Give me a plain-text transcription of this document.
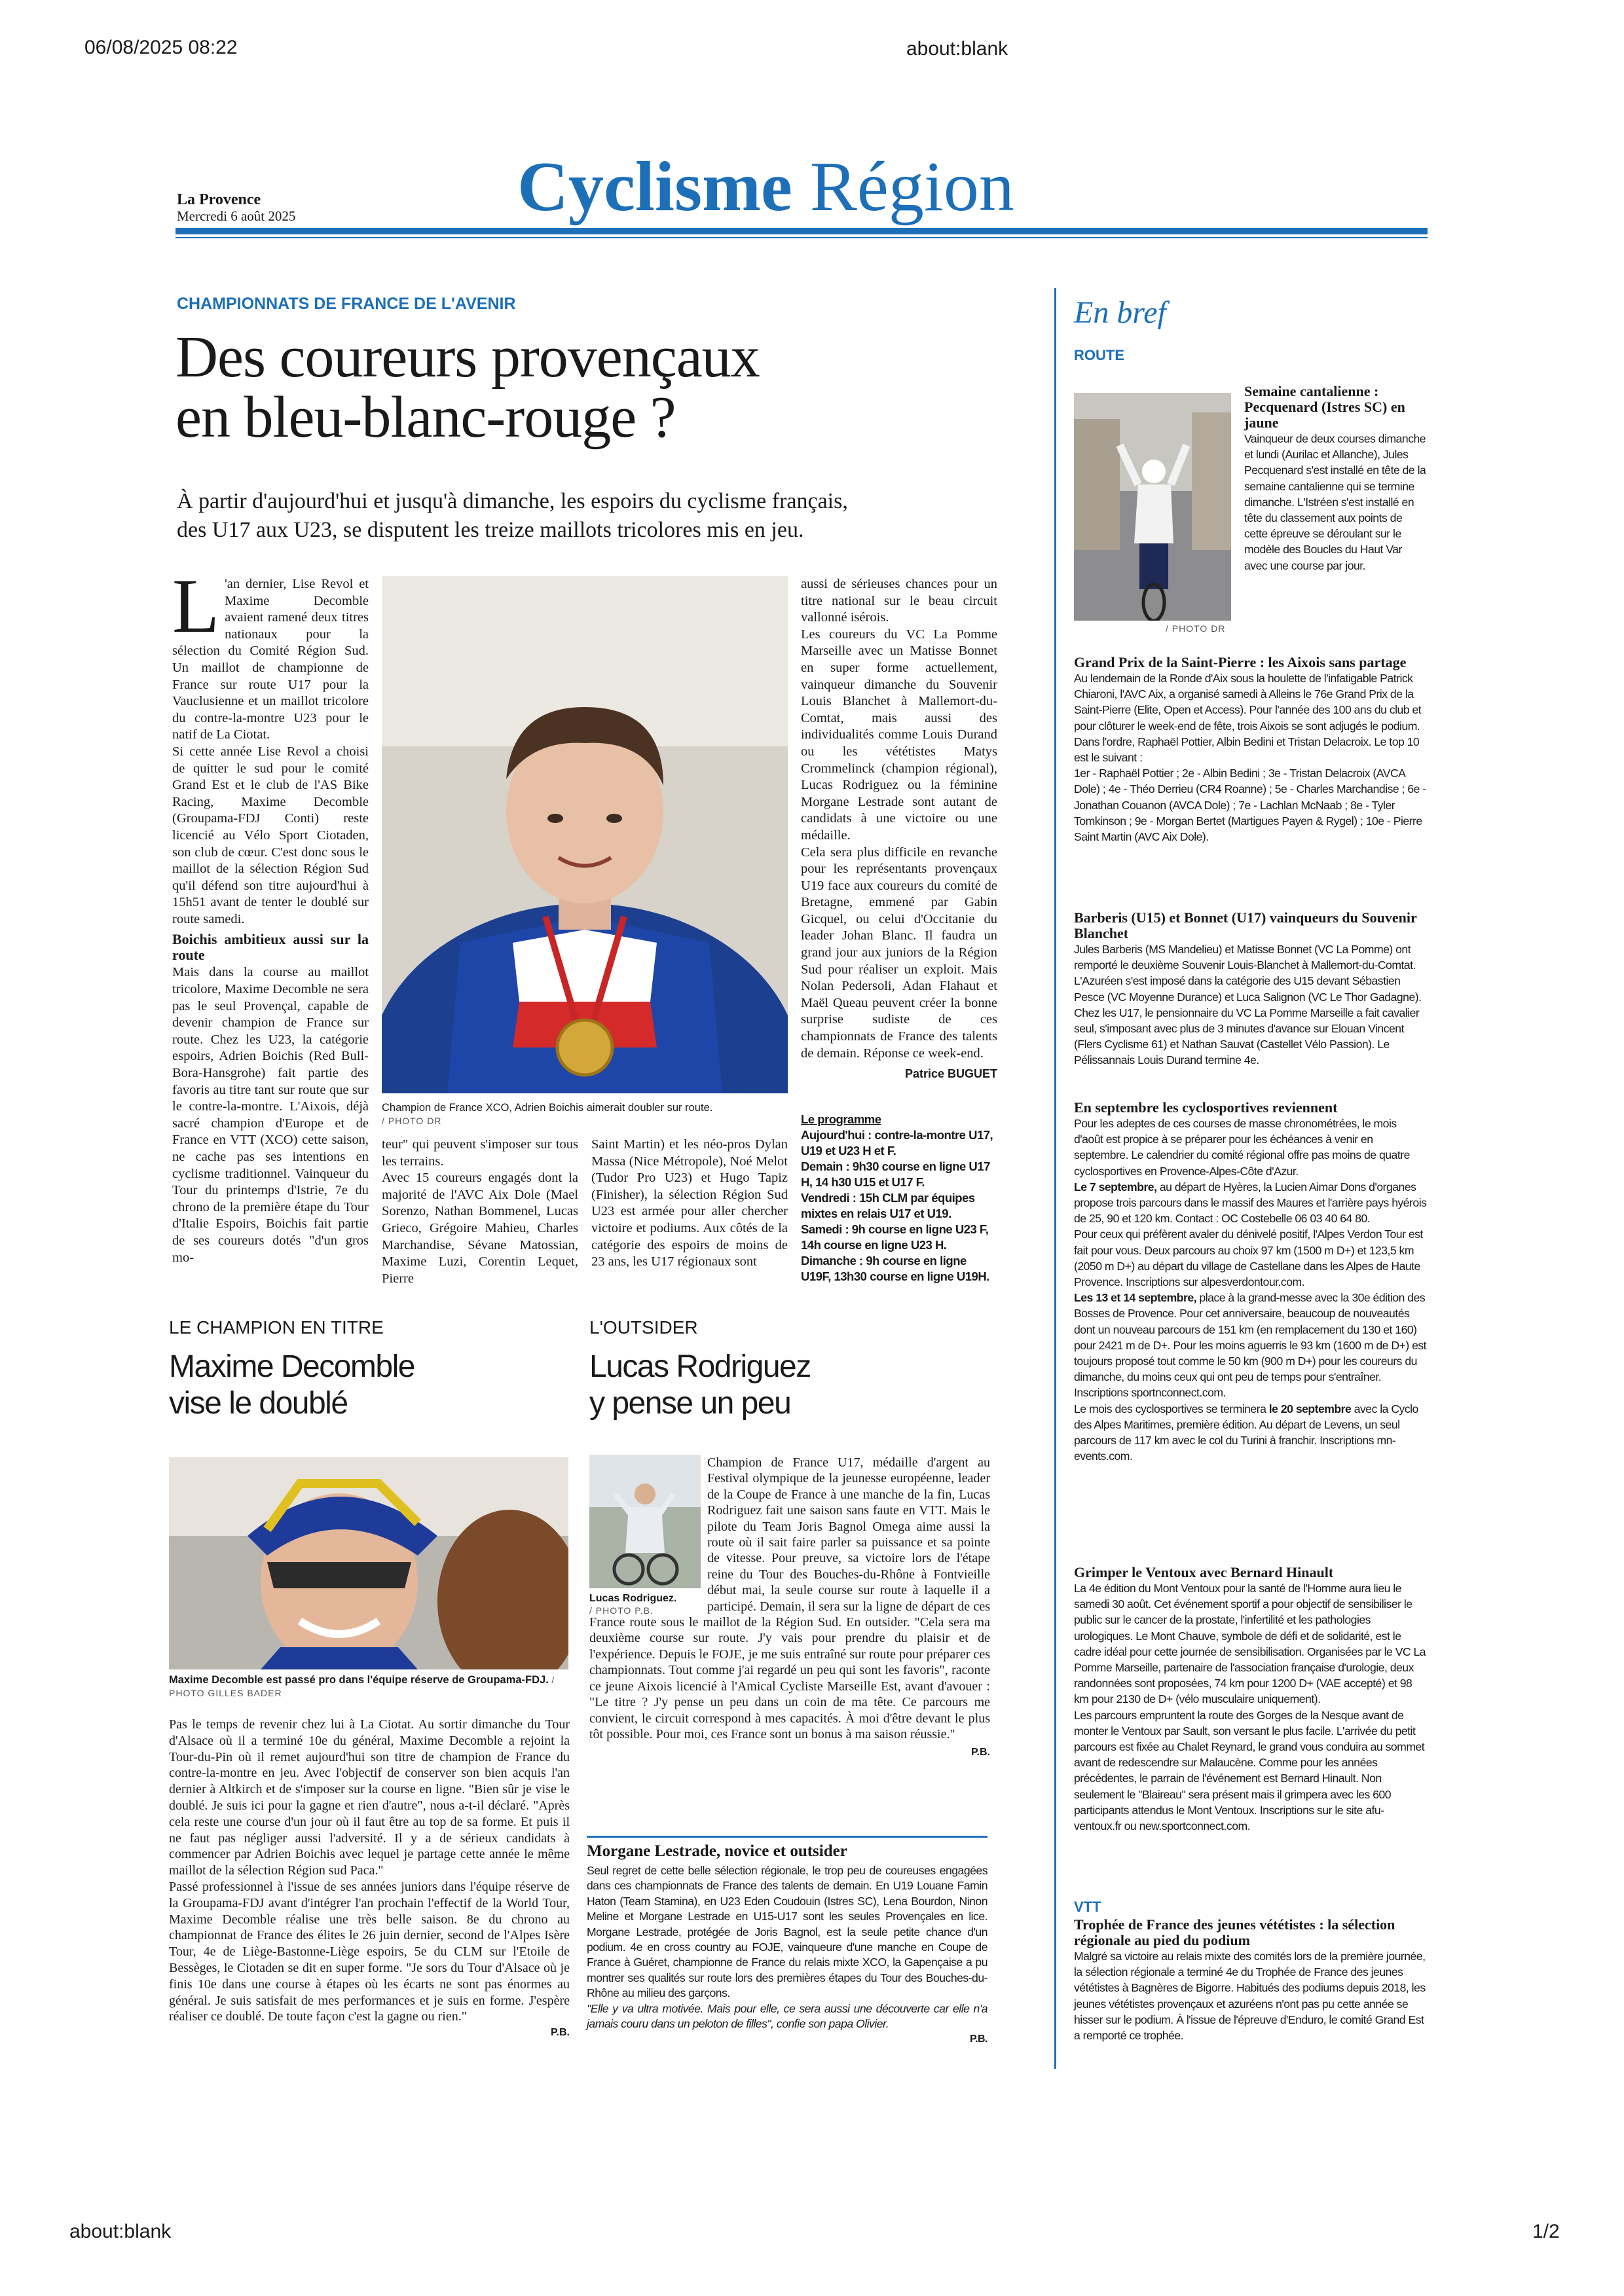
06/08/2025 08:22	about:blank
about:blank	1/2
La Provence
Mercredi 6 août 2025	Cyclisme Région
CHAMPIONNATS DE FRANCE DE L'AVENIR
Des coureurs provençaux
en bleu-blanc-rouge ?
À partir d'aujourd'hui et jusqu'à dimanche, les espoirs du cyclisme français,
des U17 aux U23, se disputent les treize maillots tricolores mis en jeu.
L 'an dernier, Lise Revol et Maxime Decomble avaient ramené deux titres nationaux pour la sélection du Comité Région Sud. Un maillot de championne de France sur route U17 pour la Vauclusienne et un maillot tricolore du contre-la-montre U23 pour le natif de La Ciotat.

Si cette année Lise Revol a choisi de quitter le sud pour le comité Grand Est et le club de l'AS Bike Racing, Maxime Decomble (Groupama-FDJ Conti) reste licencié au Vélo Sport Ciotaden, son club de cœur. C'est donc sous le maillot de la sélection Région Sud qu'il défend son titre aujourd'hui à 15h51 avant de tenter le doublé sur route samedi.

Boichis ambitieux aussi sur la route

Mais dans la course au maillot tricolore, Maxime Decomble ne sera pas le seul Provençal, capable de devenir champion de France sur route. Chez les U23, la catégorie espoirs, Adrien Boichis (Red Bull- Bora-Hansgrohe) fait partie des favoris au titre tant sur route que sur le contre-la-montre. L'Aixois, déjà sacré champion d'Europe et de France en VTT (XCO) cette saison, ne cache pas ses intentions en cyclisme traditionnel. Vainqueur du Tour du printemps d'Istrie, 7e du chrono de la première étape du Tour d'Italie Espoirs, Boichis fait partie de ses coureurs dotés "d'un gros mo-

Champion de France XCO, Adrien Boichis aimerait doubler sur route.
/ PHOTO DR

teur" qui peuvent s'imposer sur tous les terrains.

Avec 15 coureurs engagés dont la majorité de l'AVC Aix Dole (Mael Sorenzo, Nathan Bommenel, Lucas Grieco, Grégoire Mahieu, Charles Marchandise, Sévane Matossian, Maxime Luzi, Corentin Lequet, Pierre

Saint Martin) et les néo-pros Dylan Massa (Nice Métropole), Noé Melot (Tudor Pro U23) et Hugo Tapiz (Finisher), la sélection Région Sud U23 est armée pour aller chercher victoire et podiums. Aux côtés de la catégorie des espoirs de moins de 23 ans, les U17 régionaux sont

aussi de sérieuses chances pour un titre national sur le beau circuit vallonné isérois.

Les coureurs du VC La Pomme Marseille avec un Matisse Bonnet en super forme actuellement, vainqueur dimanche du Souvenir Louis Blanchet à Mallemort-du-Comtat, mais aussi des individualités comme Louis Durand ou les vététistes Matys Crommelinck (champion régional), Lucas Rodriguez ou la féminine Morgane Lestrade sont autant de candidats à une victoire ou une médaille.

Cela sera plus difficile en revanche pour les représentants provençaux U19 face aux coureurs du comité de Bretagne, emmené par Gabin Gicquel, ou celui d'Occitanie du leader Johan Blanc. Il faudra un grand jour aux juniors de la Région Sud pour réaliser un exploit. Mais Nolan Pedersoli, Adan Flahaut et Maël Queau peuvent créer la bonne surprise sudiste de ces championnats de France des talents de demain. Réponse ce week-end.

Patrice BUGUET
Le programme
Aujourd'hui : contre-la-montre U17, U19 et U23 H et F.
Demain : 9h30 course en ligne U17 H, 14 h30 U15 et U17 F.
Vendredi : 15h CLM par équipes mixtes en relais U17 et U19.
Samedi : 9h course en ligne U23 F, 14h course en ligne U23 H.
Dimanche : 9h course en ligne U19F, 13h30 course en ligne U19H.
LE CHAMPION EN TITRE
Maxime Decomble
vise le doublé
Maxime Decomble est passé pro dans l'équipe réserve de Groupama-FDJ. / PHOTO GILLES BADER

Pas le temps de revenir chez lui à La Ciotat. Au sortir dimanche du Tour d'Alsace où il a terminé 10e du général, Maxime Decomble a rejoint la Tour-du-Pin où il remet aujourd'hui son titre de champion de France du contre-la-montre en jeu. Avec l'objectif de conserver son bien acquis l'an dernier à Altkirch et de s'imposer sur la course en ligne. "Bien sûr je vise le doublé. Je suis ici pour la gagne et rien d'autre", nous a-t-il déclaré. "Après cela reste une course d'un jour où il faut être au top de sa forme. Et puis il ne faut pas négliger aussi l'adversité. Il y a de sérieux candidats à commencer par Adrien Boichis avec lequel je partage cette année le même maillot de la sélection Région sud Paca."

Passé professionnel à l'issue de ses années juniors dans l'équipe réserve de la Groupama-FDJ avant d'intégrer l'an prochain l'effectif de la World Tour, Maxime Decomble réalise une très belle saison. 8e du chrono au championnat de France des élites le 26 juin dernier, second de l'Alpes Isère Tour, 4e de Liège-Bastonne-Liège espoirs, 5e du CLM sur l'Etoile de Bessèges, le Ciotaden se dit en super forme. "Je sors du Tour d'Alsace où je finis 10e dans une course à étapes où les écarts ne sont pas énormes au général. Je suis satisfait de mes performances et je suis en forme. J'espère réaliser ce doublé. De toute façon c'est la gagne ou rien."

P.B.
L'OUTSIDER
Lucas Rodriguez
y pense un peu
Lucas Rodriguez.
/ PHOTO P.B.

Champion de France U17, médaille d'argent au Festival olympique de la jeunesse européenne, leader de la Coupe de France à une manche de la fin, Lucas Rodriguez fait une saison sans faute en VTT. Mais le pilote du Team Joris Bagnol Omega aime aussi la route où il sait faire parler sa puissance et sa pointe de vitesse. Pour preuve, sa victoire lors de l'étape reine du Tour des Bouches-du-Rhône à Fontvieille début mai, la seule course sur route à laquelle il a participé. Demain, il sera sur la ligne de départ de ces France route sous le maillot de la Région Sud. En outsider. "Cela sera ma deuxième course sur route. J'y vais pour prendre du plaisir et de l'expérience. Depuis le FOJE, je me suis entraîné sur route pour préparer ces championnats. Tout comme j'ai regardé un peu qui sont les favoris", raconte ce jeune Aixois licencié à l'Amical Cycliste Marseille Est, avant d'avouer : "Le titre ? J'y pense un peu dans un coin de ma tête. Ce parcours me convient, le circuit correspond à mes capacités. À moi d'être devant le plus tôt possible. Pour moi, ces France sont un bonus à ma saison réussie."

P.B.
Morgane Lestrade, novice et outsider

Seul regret de cette belle sélection régionale, le trop peu de coureuses engagées dans ces championnats de France des talents de demain. En U19 Louane Famin Haton (Team Stamina), en U23 Eden Coudouin (Istres SC), Lena Bourdon, Ninon Meline et Morgane Lestrade en U15-U17 sont les seules Provençales en lice. Morgane Lestrade, protégée de Joris Bagnol, est la seule petite chance d'un podium. 4e en cross country au FOJE, vainqueure d'une manche en Coupe de France à Guéret, championne de France du relais mixte XCO, la Gapençaise a pu montrer ses qualités sur route lors des premières étapes du Tour des Bouches-du-Rhône au milieu des garçons.

"Elle y va ultra motivée. Mais pour elle, ce sera aussi une découverte car elle n'a jamais couru dans un peloton de filles", confie son papa Olivier.

P.B.
En bref
ROUTE
/ PHOTO DR
Semaine cantalienne : Pecquenard (Istres SC) en jaune

Vainqueur de deux courses dimanche et lundi (Aurilac et Allanche), Jules Pecquenard s'est installé en tête de la semaine cantalienne qui se termine dimanche. L'Istréen s'est installé en tête du classement aux points de cette épreuve se déroulant sur le modèle des Boucles du Haut Var avec une course par jour.

Grand Prix de la Saint-Pierre : les Aixois sans partage

Au lendemain de la Ronde d'Aix sous la houlette de l'infatigable Patrick Chiaroni, l'AVC Aix, a organisé samedi à Alleins le 76e Grand Prix de la Saint-Pierre (Elite, Open et Access). Pour l'année des 100 ans du club et pour clôturer le week-end de fête, trois Aixois se sont adjugés le podium. Dans l'ordre, Raphaël Pottier, Albin Bedini et Tristan Delacroix. Le top 10 est le suivant :

1er - Raphaël Pottier ; 2e - Albin Bedini ; 3e - Tristan Delacroix (AVCA Dole) ; 4e - Théo Derrieu (CR4 Roanne) ; 5e - Charles Marchandise ; 6e - Jonathan Couanon (AVCA Dole) ; 7e - Lachlan McNaab ; 8e - Tyler Tomkinson ; 9e - Morgan Bertet (Martigues Payen & Rygel) ; 10e - Pierre Saint Martin (AVC Aix Dole).

Barberis (U15) et Bonnet (U17) vainqueurs du Souvenir Blanchet

Jules Barberis (MS Mandelieu) et Matisse Bonnet (VC La Pomme) ont remporté le deuxième Souvenir Louis-Blanchet à Mallemort-du-Comtat. L'Azuréen s'est imposé dans la catégorie des U15 devant Sébastien Pesce (VC Moyenne Durance) et Luca Salignon (VC Le Thor Gadagne). Chez les U17, le pensionnaire du VC La Pomme Marseille a fait cavalier seul, s'imposant avec plus de 3 minutes d'avance sur Elouan Vincent (Flers Cyclisme 61) et Nathan Sauvat (Castellet Vélo Passion). Le Pélissannais Louis Durand termine 4e.

En septembre les cyclosportives reviennent

Pour les adeptes de ces courses de masse chronométrées, le mois d'août est propice à se préparer pour les échéances à venir en septembre. Le calendrier du comité régional offre pas moins de quatre cyclosportives en Provence-Alpes-Côte d'Azur.

Le 7 septembre, au départ de Hyères, la Lucien Aimar Dons d'organes propose trois parcours dans le massif des Maures et l'arrière pays hyérois de 25, 90 et 120 km. Contact : OC Costebelle 06 03 40 64 80.

Pour ceux qui préfèrent avaler du dénivelé positif, l'Alpes Verdon Tour est fait pour vous. Deux parcours au choix 97 km (1500 m D+) et 123,5 km (2050 m D+) au départ du village de Castellane dans les Alpes de Haute Provence. Inscriptions sur alpesverdontour.com.

Les 13 et 14 septembre, place à la grand-messe avec la 30e édition des Bosses de Provence. Pour cet anniversaire, beaucoup de nouveautés dont un nouveau parcours de 151 km (en remplacement du 130 et 160) pour 2421 m de D+. Pour les moins aguerris le 93 km (1600 m de D+) est toujours proposé tout comme le 50 km (900 m D+) pour les coureurs du dimanche, du moins ceux qui ont peu de temps pour s'entraîner. Inscriptions sportnconnect.com.

Le mois des cyclosportives se terminera le 20 septembre avec la Cyclo des Alpes Maritimes, première édition. Au départ de Levens, un seul parcours de 117 km avec le col du Turini à franchir. Inscriptions mn-events.com.

Grimper le Ventoux avec Bernard Hinault

La 4e édition du Mont Ventoux pour la santé de l'Homme aura lieu le samedi 30 août. Cet événement sportif a pour objectif de sensibiliser le public sur le cancer de la prostate, l'infertilité et les pathologies urologiques. Le Mont Chauve, symbole de défi et de solidarité, est le cadre idéal pour cette journée de sensibilisation. Organisées par le VC La Pomme Marseille, partenaire de l'association française d'urologie, deux randonnées sont proposées, 74 km pour 1200 D+ (VAE accepté) et 98 km pour 2130 de D+ (vélo musculaire uniquement).

Les parcours empruntent la route des Gorges de la Nesque avant de monter le Ventoux par Sault, son versant le plus facile. L'arrivée du petit parcours est fixée au Chalet Reynard, le grand vous conduira au sommet avant de redescendre sur Malaucène. Comme pour les années précédentes, le parrain de l'événement est Bernard Hinault. Non seulement le "Blaireau" sera présent mais il grimpera avec les 600 participants attendus le Mont Ventoux. Inscriptions sur le site afu-ventoux.fr ou new.sportconnect.com.

VTT
Trophée de France des jeunes vététistes : la sélection régionale au pied du podium

Malgré sa victoire au relais mixte des comités lors de la première journée, la sélection régionale a terminé 4e du Trophée de France des jeunes vététistes à Bagnères de Bigorre. Habitués des podiums depuis 2018, les jeunes vététistes provençaux et azuréens n'ont pas pu cette année se hisser sur le podium. À l'issue de l'épreuve d'Enduro, le comité Grand Est a remporté ce trophée.
